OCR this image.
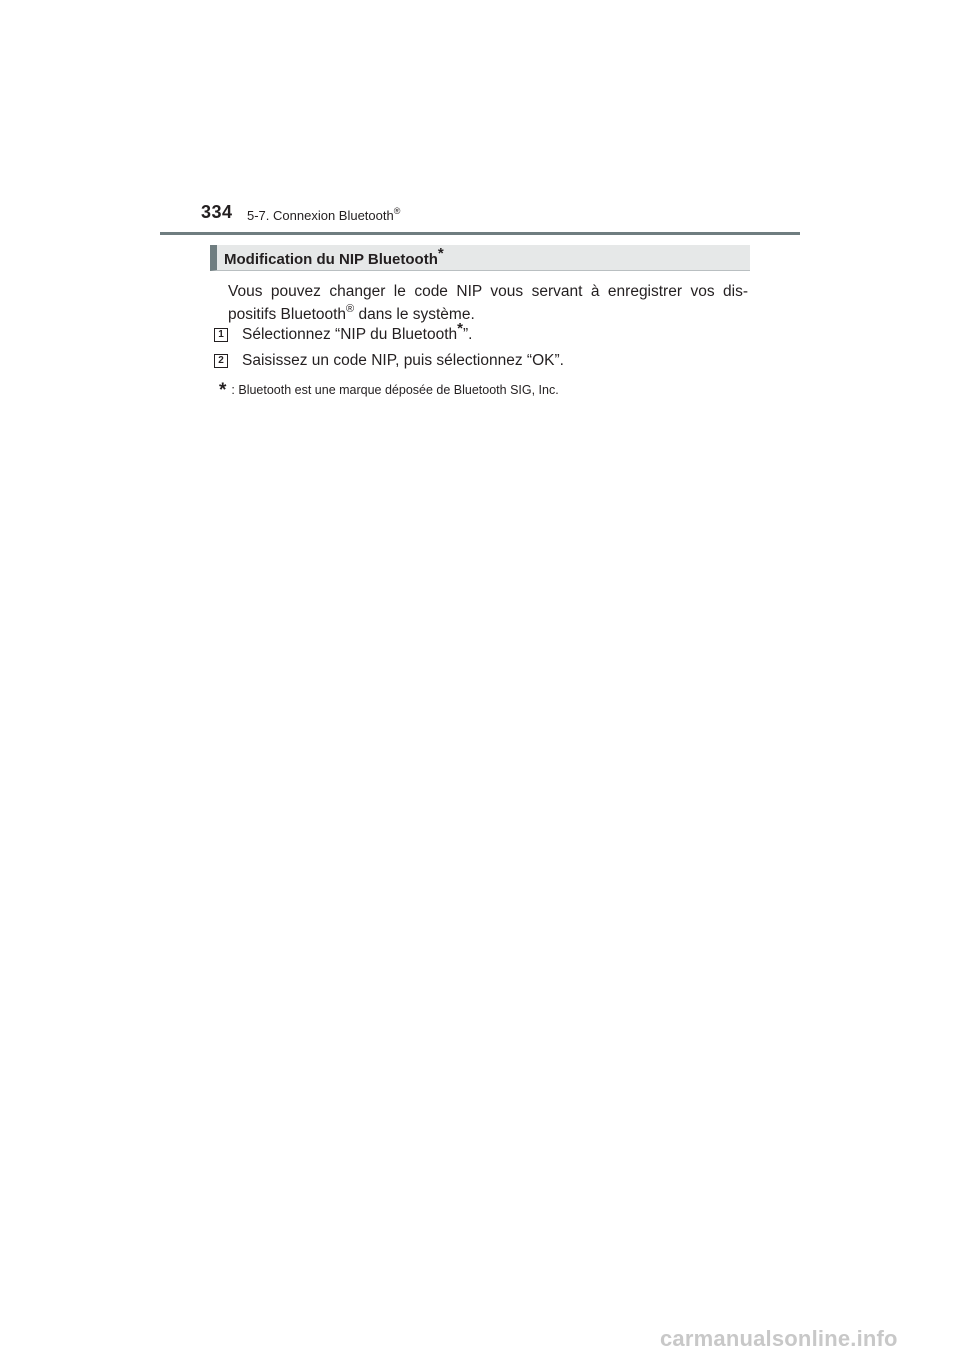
334 5-7. Connexion Bluetooth®
Modification du NIP Bluetooth*
Vous pouvez changer le code NIP vous servant à enregistrer vos dis-
positifs Bluetooth® dans le système.
1 Sélectionnez “NIP du Bluetooth*”.
2 Saisissez un code NIP, puis sélectionnez “OK”.
* : Bluetooth est une marque déposée de Bluetooth SIG, Inc.
carmanualsonline.info
